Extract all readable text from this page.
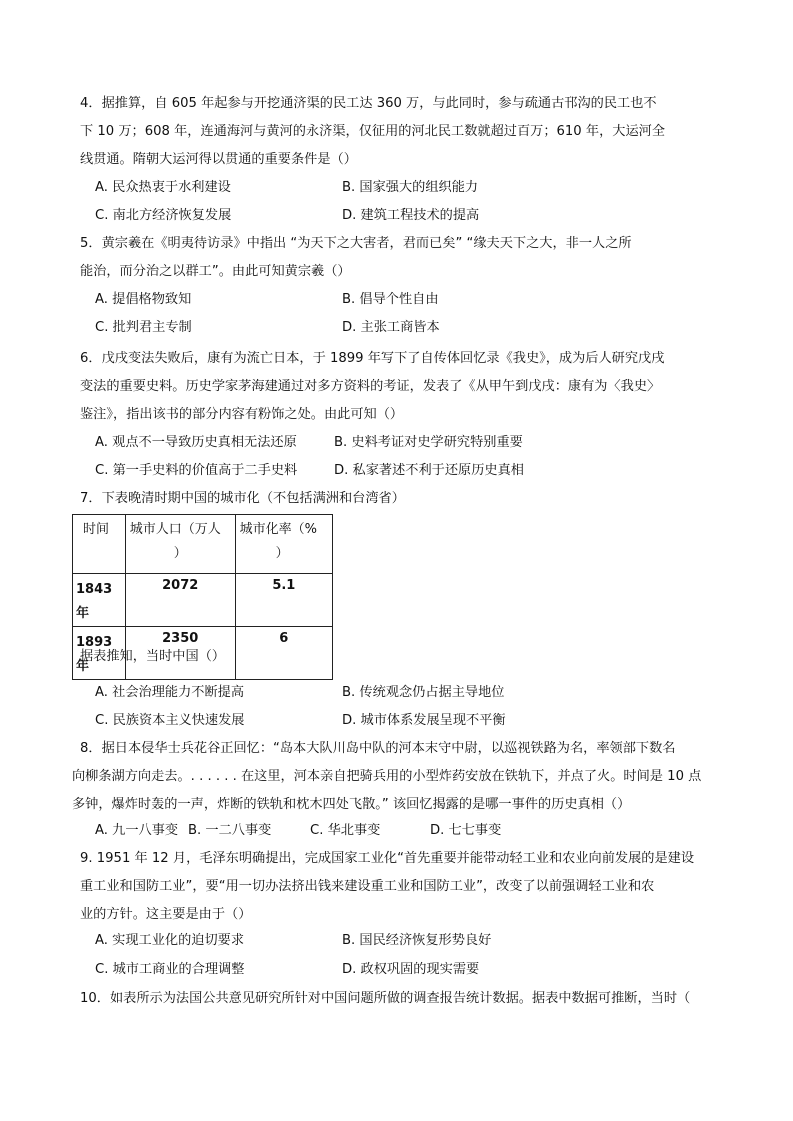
4．据推算，自 605 年起参与开挖通济渠的民工达 360 万，与此同时，参与疏通古邗沟的民工也不
下 10 万；608 年，连通海河与黄河的永济渠，仅征用的河北民工数就超过百万；610 年，大运河全
线贯通。隋朝大运河得以贯通的重要条件是（）
A. 民众热衷于水利建设	B. 国家强大的组织能力
C. 南北方经济恢复发展	D. 建筑工程技术的提高
5．黄宗羲在《明夷待访录》中指出 “为天下之大害者，君而已矣” “缘夫天下之大，非一人之所
能治，而分治之以群工”。由此可知黄宗羲（）
A. 提倡格物致知	B. 倡导个性自由
C. 批判君主专制	D. 主张工商皆本
6．戊戌变法失败后，康有为流亡日本，于 1899 年写下了自传体回忆录《我史》，成为后人研究戊戌
变法的重要史料。历史学家茅海建通过对多方资料的考证，发表了《从甲午到戊戌：康有为〈我史〉
鉴注》，指出该书的部分内容有粉饰之处。由此可知（）
A. 观点不一导致历史真相无法还原	B. 史料考证对史学研究特别重要
C. 第一手史料的价值高于二手史料	D. 私家著述不利于还原历史真相
7．下表晚清时期中国的城市化（不包括满洲和台湾省）
时间	城市人口（万人
）	城市化率（%
）

1843 年	2072	5.1
1893 年	2350	6
据表推知，当时中国（）
A. 社会治理能力不断提高	B. 传统观念仍占据主导地位
C. 民族资本主义快速发展	D. 城市体系发展呈现不平衡
8．据日本侵华士兵花谷正回忆：“岛本大队川岛中队的河本末守中尉，以巡视铁路为名，率领部下数名
向柳条湖方向走去。. . . . . . 在这里，河本亲自把骑兵用的小型炸药安放在铁轨下，并点了火。时间是 10 点
多钟，爆炸时轰的一声，炸断的铁轨和枕木四处飞散。” 该回忆揭露的是哪一事件的历史真相（）
A. 九一八事变 B. 一二八事变	C. 华北事变	D. 七七事变
9. 1951 年 12 月，毛泽东明确提出，完成国家工业化“首先重要并能带动轻工业和农业向前发展的是建设
重工业和国防工业”，要“用一切办法挤出钱来建设重工业和国防工业”，改变了以前强调轻工业和农
业的方针。这主要是由于（）
A. 实现工业化的迫切要求	B. 国民经济恢复形势良好
C. 城市工商业的合理调整	D. 政权巩固的现实需要
10．如表所示为法国公共意见研究所针对中国问题所做的调查报告统计数据。据表中数据可推断，当时（
